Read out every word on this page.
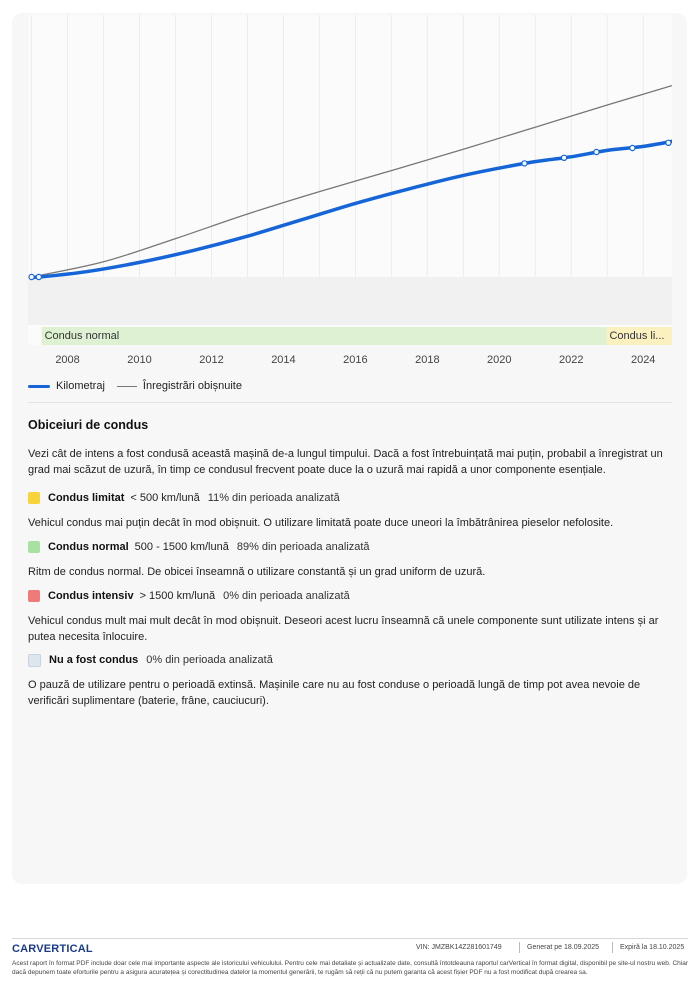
Condus normal	Condus li...
Kilometraj	Înregistrări obișnuite
Obiceiuri de condus
Vezi cât de intens a fost condusă această mașină de-a lungul timpului. Dacă a fost întrebuințată mai puțin, probabil a înregistrat un grad mai scăzut de uzură, în timp ce condusul frecvent poate duce la o uzură mai rapidă a unor componente esențiale.
Condus limitat < 500 km/lună 11% din perioada analizată
Vehicul condus mai puțin decât în mod obișnuit. O utilizare limitată poate duce uneori la îmbătrânirea pieselor nefolosite.
Condus normal 500 - 1500 km/lună 89% din perioada analizată
Ritm de condus normal. De obicei înseamnă o utilizare constantă și un grad uniform de uzură.
Condus intensiv > 1500 km/lună 0% din perioada analizată
Vehicul condus mult mai mult decât în mod obișnuit. Deseori acest lucru înseamnă că unele componente sunt utilizate intens și ar putea necesita înlocuire.
Nu a fost condus 0% din perioada analizată
O pauză de utilizare pentru o perioadă extinsă. Mașinile care nu au fost conduse o perioadă lungă de timp pot avea nevoie de verificări suplimentare (baterie, frâne, cauciucuri).
CARVERTICAL	VIN: JMZBK14Z281601749	Generat pe 18.09.2025	Expiră la 18.10.2025
Acest raport în format PDF include doar cele mai importante aspecte ale istoricului vehiculului. Pentru cele mai detaliate și actualizate date, consultă întotdeauna raportul carVertical în format digital, disponibil pe site-ul nostru web. Chiar dacă depunem toate eforturile pentru a asigura acuratețea și corectitudinea datelor la momentul generării, te rugăm să reții că nu putem garanta că acest fișier PDF nu a fost modificat după crearea sa.
2008	2010	2012	2014	2016	2018	2020	2022	2024
